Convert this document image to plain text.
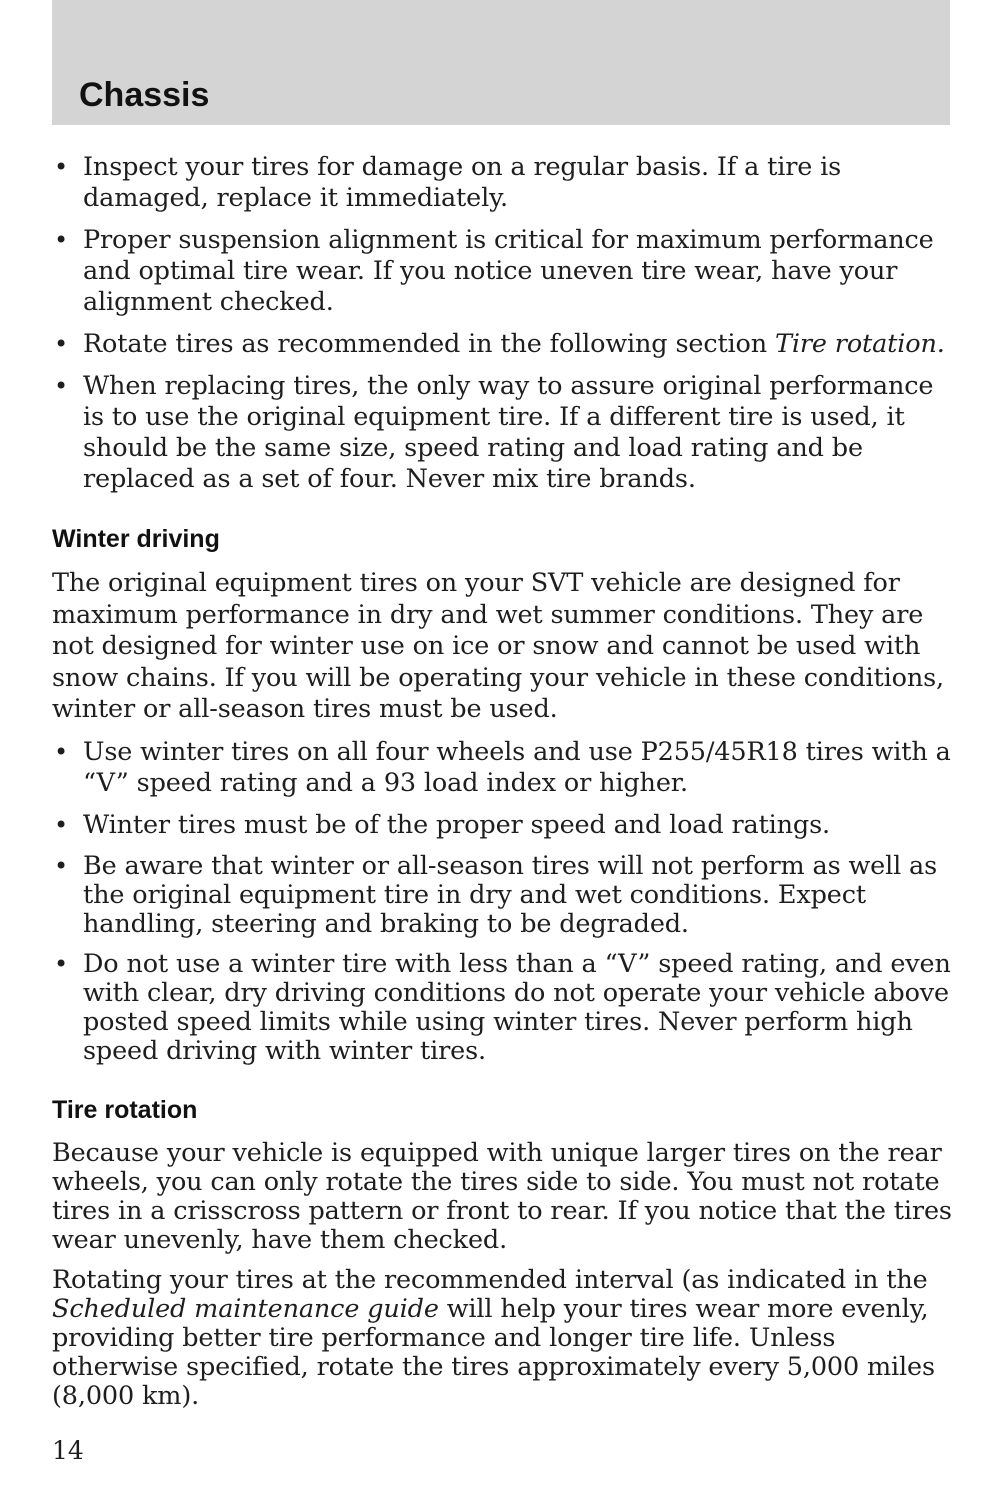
Chassis
• Inspect your tires for damage on a regular basis. If a tire is damaged, replace it immediately.
• Proper suspension alignment is critical for maximum performance and optimal tire wear. If you notice uneven tire wear, have your alignment checked.
• Rotate tires as recommended in the following section Tire rotation.
• When replacing tires, the only way to assure original performance is to use the original equipment tire. If a different tire is used, it should be the same size, speed rating and load rating and be replaced as a set of four. Never mix tire brands.
Winter driving

The original equipment tires on your SVT vehicle are designed for maximum performance in dry and wet summer conditions. They are not designed for winter use on ice or snow and cannot be used with snow chains. If you will be operating your vehicle in these conditions, winter or all-season tires must be used.

• Use winter tires on all four wheels and use P255/45R18 tires with a “V” speed rating and a 93 load index or higher.
• Winter tires must be of the proper speed and load ratings.
• Be aware that winter or all-season tires will not perform as well as the original equipment tire in dry and wet conditions. Expect handling, steering and braking to be degraded.
• Do not use a winter tire with less than a “V” speed rating, and even with clear, dry driving conditions do not operate your vehicle above posted speed limits while using winter tires. Never perform high speed driving with winter tires.
Tire rotation

Because your vehicle is equipped with unique larger tires on the rear wheels, you can only rotate the tires side to side. You must not rotate tires in a crisscross pattern or front to rear. If you notice that the tires wear unevenly, have them checked.

Rotating your tires at the recommended interval (as indicated in the Scheduled maintenance guide will help your tires wear more evenly, providing better tire performance and longer tire life. Unless otherwise specified, rotate the tires approximately every 5,000 miles (8,000 km).

14
